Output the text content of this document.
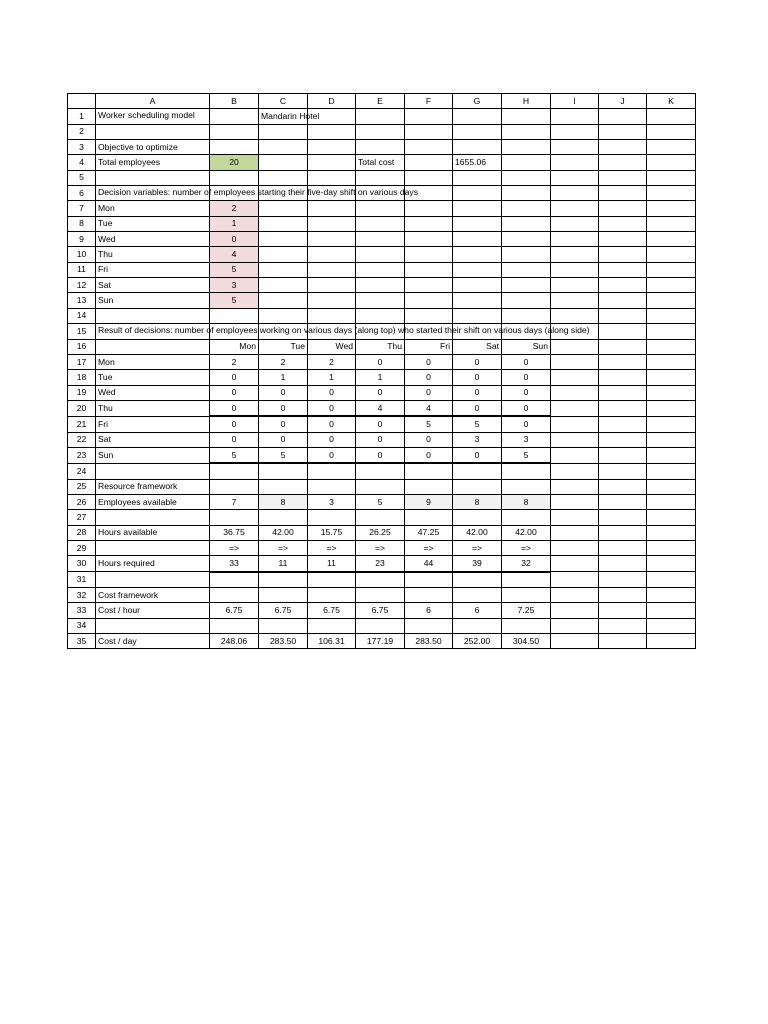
	A	B	C	D	E	F	G	H	I	J	K
1	Worker scheduling model		Mandarin Hotel								
2											
3	Objective to optimize										
4	Total employees	20			Total cost		1655.06				
5											
6	Decision variables: number of employees starting their five-day shift on various days										

7	Mon	2									
8	Tue	1									
9	Wed	0									
10	Thu	4									
11	Fri	5									
12	Sat	3									
13	Sun	5									
14											
15	Result of decisions: number of employees working on various days (along top) who started their shift on various days (along side)										

16		Mon	Tue	Wed	Thu	Fri	Sat	Sun			
17	Mon	2	2	2	0	0	0	0			
18	Tue	0	1	1	1	0	0	0			
19	Wed	0	0	0	0	0	0	0			
20	Thu	0	0	0	4	4	0	0			
21	Fri	0	0	0	0	5	5	0			
22	Sat	0	0	0	0	0	3	3			
23	Sun	5	5	0	0	0	0	5			
24											
25	Resource framework										
26	Employees available	7	8	3	5	9	8	8			
27											
28	Hours available	36.75	42.00	15.75	26.25	47.25	42.00	42.00			
29		=>	=>	=>	=>	=>	=>	=>			
30	Hours required	33	11	11	23	44	39	32			
31											
32	Cost framework										
33	Cost / hour	6.75	6.75	6.75	6.75	6	6	7.25			
34											
35	Cost / day	248.06	283.50	106.31	177.19	283.50	252.00	304.50			
